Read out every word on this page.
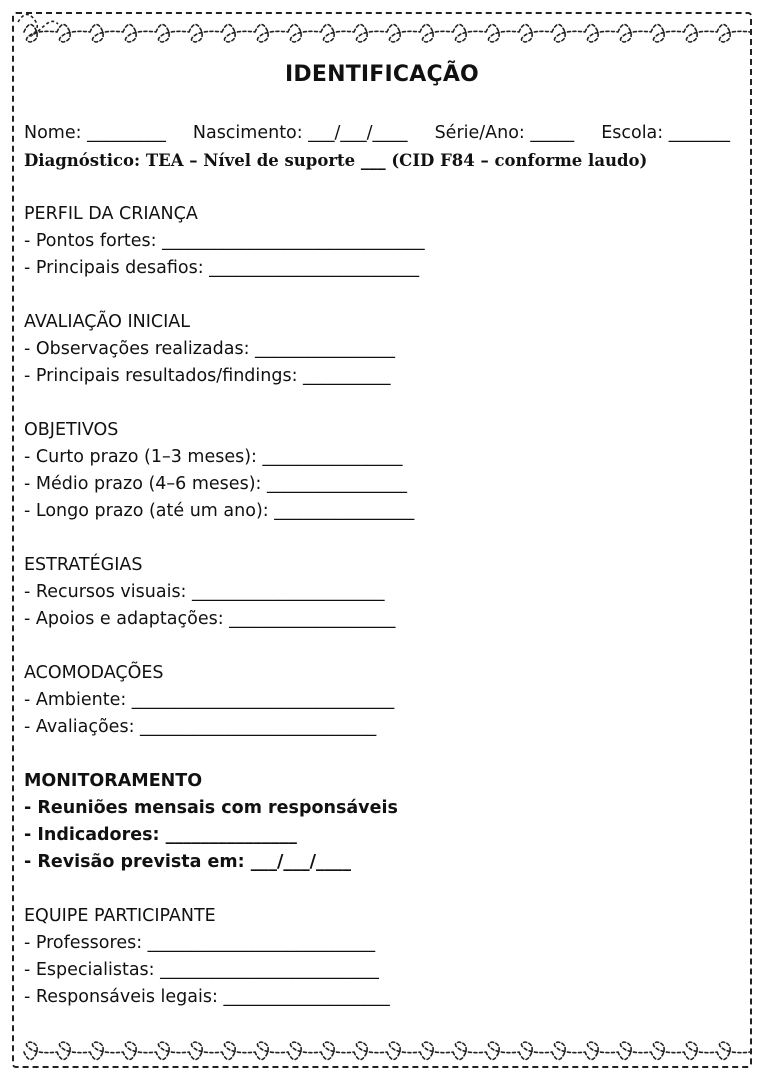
IDENTIFICAÇÃO
Nome: _________ Nascimento: ___/___/____ Série/Ano: _____ Escola: _______
Diagnóstico: TEA – Nível de suporte ___ (CID F84 – conforme laudo)
PERFIL DA CRIANÇA
- Pontos fortes: ______________________________
- Principais desafios: ________________________
AVALIAÇÃO INICIAL
- Observações realizadas: ________________
- Principais resultados/findings: __________
OBJETIVOS
- Curto prazo (1–3 meses): ________________
- Médio prazo (4–6 meses): ________________
- Longo prazo (até um ano): ________________
ESTRATÉGIAS
- Recursos visuais: ______________________
- Apoios e adaptações: ___________________
ACOMODAÇÕES
- Ambiente: ______________________________
- Avaliações: ___________________________
MONITORAMENTO
- Reuniões mensais com responsáveis
- Indicadores: _______________
- Revisão prevista em: ___/___/____
EQUIPE PARTICIPANTE
- Professores: __________________________
- Especialistas: _________________________
- Responsáveis legais: ___________________
